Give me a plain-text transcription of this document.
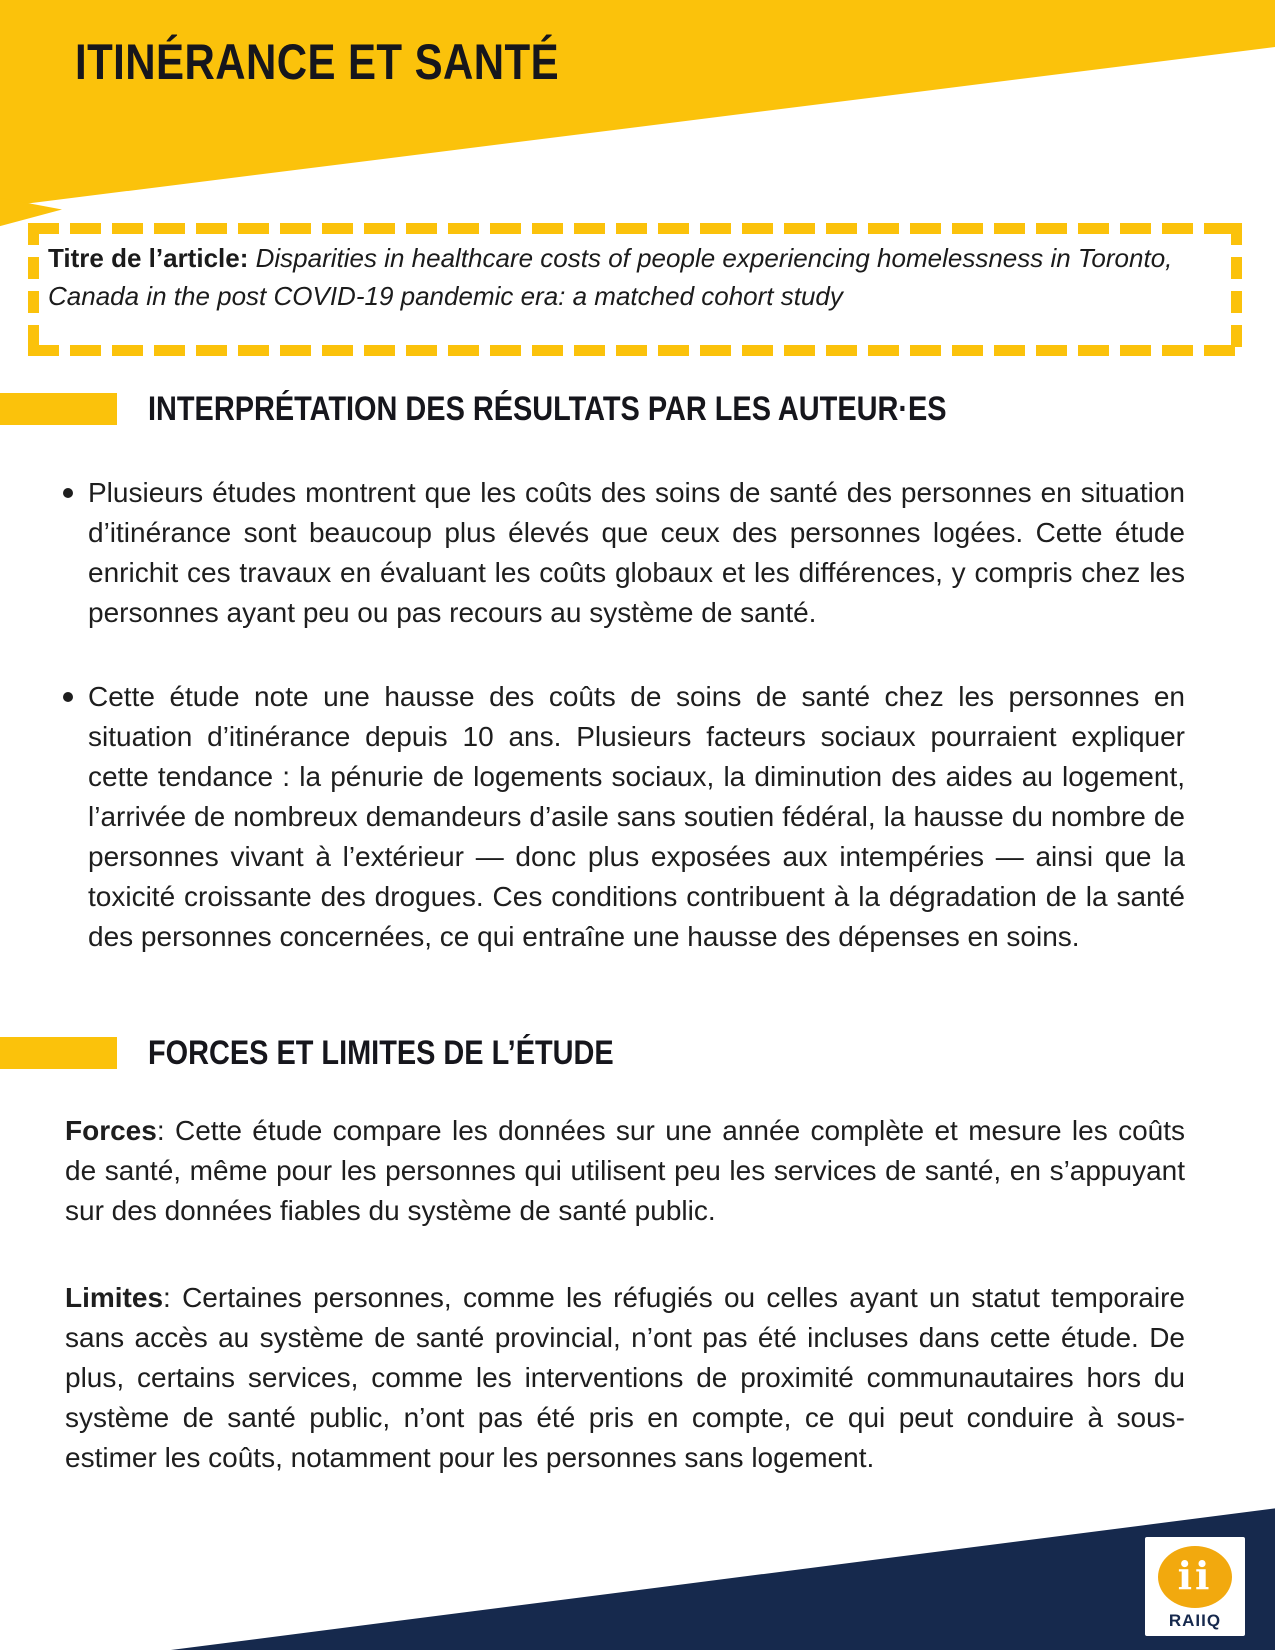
ITINÉRANCE ET SANTÉ

Titre de l’article: Disparities in healthcare costs of people experiencing homelessness in Toronto, Canada in the post COVID-19 pandemic era: a matched cohort study

INTERPRÉTATION DES RÉSULTATS PAR LES AUTEUR·ES

Plusieurs études montrent que les coûts des soins de santé des personnes en situation d’itinérance sont beaucoup plus élevés que ceux des personnes logées. Cette étude enrichit ces travaux en évaluant les coûts globaux et les différences, y compris chez les personnes ayant peu ou pas recours au système de santé.

Cette étude note une hausse des coûts de soins de santé chez les personnes en situation d’itinérance depuis 10 ans. Plusieurs facteurs sociaux pourraient expliquer cette tendance : la pénurie de logements sociaux, la diminution des aides au logement, l’arrivée de nombreux demandeurs d’asile sans soutien fédéral, la hausse du nombre de personnes vivant à l’extérieur — donc plus exposées aux intempéries — ainsi que la toxicité croissante des drogues. Ces conditions contribuent à la dégradation de la santé des personnes concernées, ce qui entraîne une hausse des dépenses en soins.

FORCES ET LIMITES DE L’ÉTUDE

Forces: Cette étude compare les données sur une année complète et mesure les coûts de santé, même pour les personnes qui utilisent peu les services de santé, en s’appuyant sur des données fiables du système de santé public.

Limites: Certaines personnes, comme les réfugiés ou celles ayant un statut temporaire sans accès au système de santé provincial, n’ont pas été incluses dans cette étude. De plus, certains services, comme les interventions de proximité communautaires hors du système de santé public, n’ont pas été pris en compte, ce qui peut conduire à sous-estimer les coûts, notamment pour les personnes sans logement.

ii
RAIIQ
